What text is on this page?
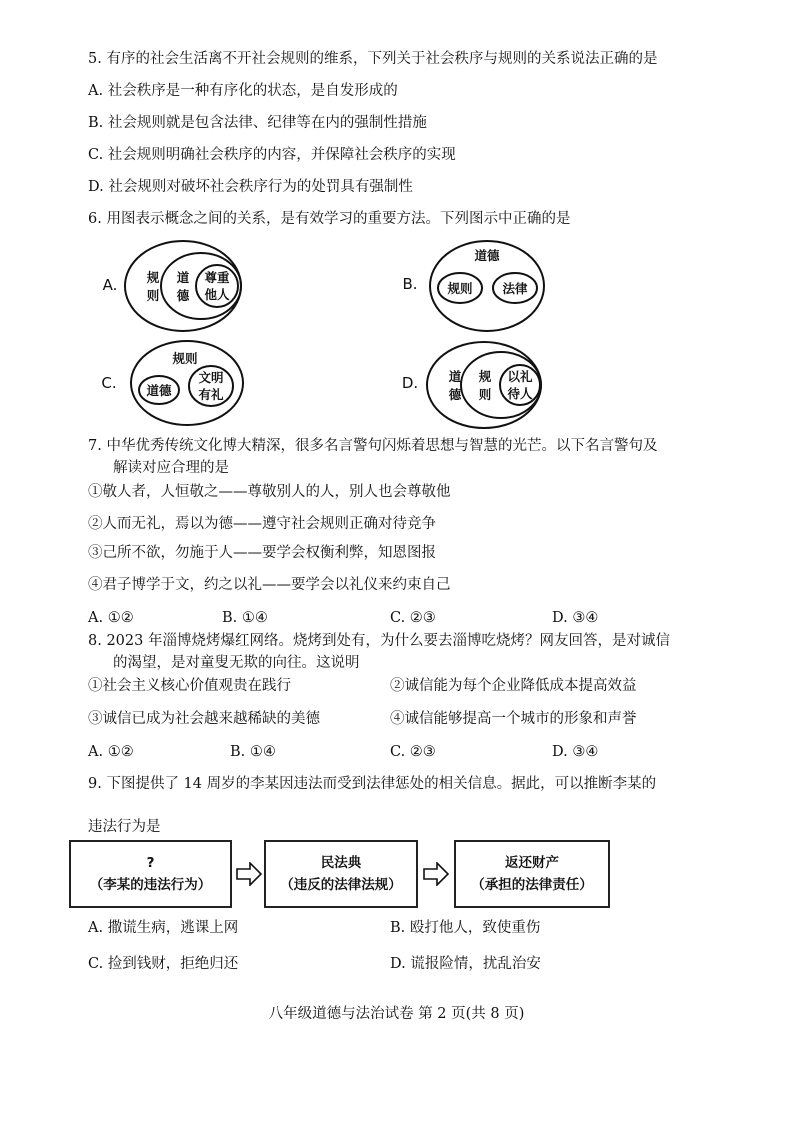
5. 有序的社会生活离不开社会规则的维系，下列关于社会秩序与规则的关系说法正确的是
A. 社会秩序是一种有序化的状态，是自发形成的
B. 社会规则就是包含法律、纪律等在内的强制性措施
C. 社会规则明确社会秩序的内容，并保障社会秩序的实现
D. 社会规则对破坏社会秩序行为的处罚具有强制性
6. 用图表示概念之间的关系，是有效学习的重要方法。下列图示中正确的是
A.	B.
C.	D.
规
则
道
德
尊重
他人
道德
规则 法律
规则
道德
文明
有礼
道
德
规
则
以礼
待人
7. 中华优秀传统文化博大精深，很多名言警句闪烁着思想与智慧的光芒。以下名言警句及
解读对应合理的是
①敬人者，人恒敬之——尊敬别人的人，别人也会尊敬他
②人而无礼，焉以为德——遵守社会规则正确对待竞争
③己所不欲，勿施于人——要学会权衡利弊，知恩图报
④君子博学于文，约之以礼——要学会以礼仪来约束自己
A. ①②	B. ①④	C. ②③	D. ③④
8. 2023 年淄博烧烤爆红网络。烧烤到处有，为什么要去淄博吃烧烤？网友回答，是对诚信
的渴望，是对童叟无欺的向往。这说明
①社会主义核心价值观贵在践行	②诚信能为每个企业降低成本提高效益
③诚信已成为社会越来越稀缺的美德	④诚信能够提高一个城市的形象和声誉
A. ①②	B. ①④	C. ②③	D. ③④
9. 下图提供了 14 周岁的李某因违法而受到法律惩处的相关信息。据此，可以推断李某的
违法行为是
?
（李某的违法行为）
民法典
（违反的法律法规）
返还财产
（承担的法律责任）
A. 撒谎生病，逃课上网	B. 殴打他人，致使重伤
C. 捡到钱财，拒绝归还	D. 谎报险情，扰乱治安
八年级道德与法治试卷 第 2 页(共 8 页)
